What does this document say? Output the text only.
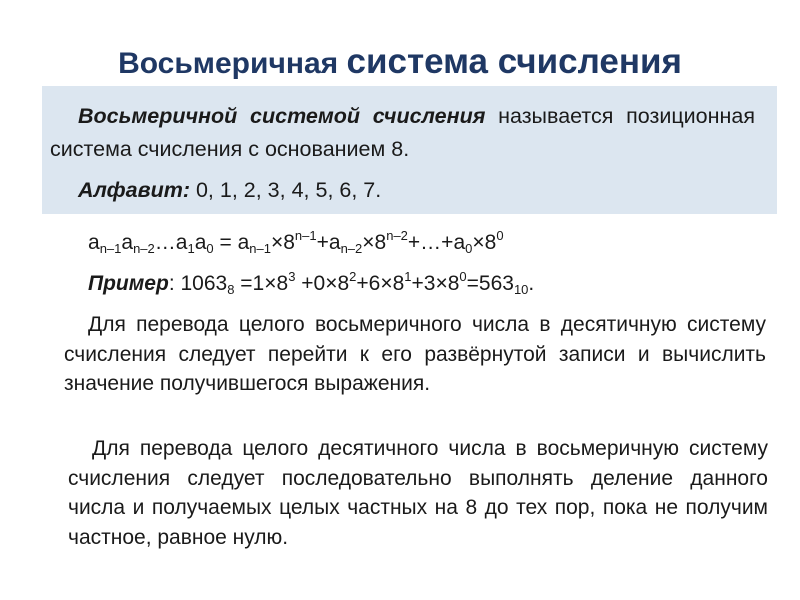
Восьмеричная система счисления
Восьмеричной системой счисления называется позиционная система счисления с основанием 8.
Алфавит: 0, 1, 2, 3, 4, 5, 6, 7.
$a_{n-1}a_{n-2}\dots a_1a_0$ = $a_{n-1}\times 8^{n-1}+a_{n-2}\times 8^{n-2}+\dots+a_0\times 8^0$
Пример: $1063_8 =1\times 8^3 +0\times 8^2+6\times 8^1+3\times 8^0=563_{10}$.
Для перевода целого восьмеричного числа в десятичную систему счисления следует перейти к его развёрнутой записи и вычислить значение получившегося выражения.
Для перевода целого десятичного числа в восьмеричную систему счисления следует последовательно выполнять деление данного числа и получаемых целых частных на 8 до тех пор, пока не получим частное, равное нулю.
